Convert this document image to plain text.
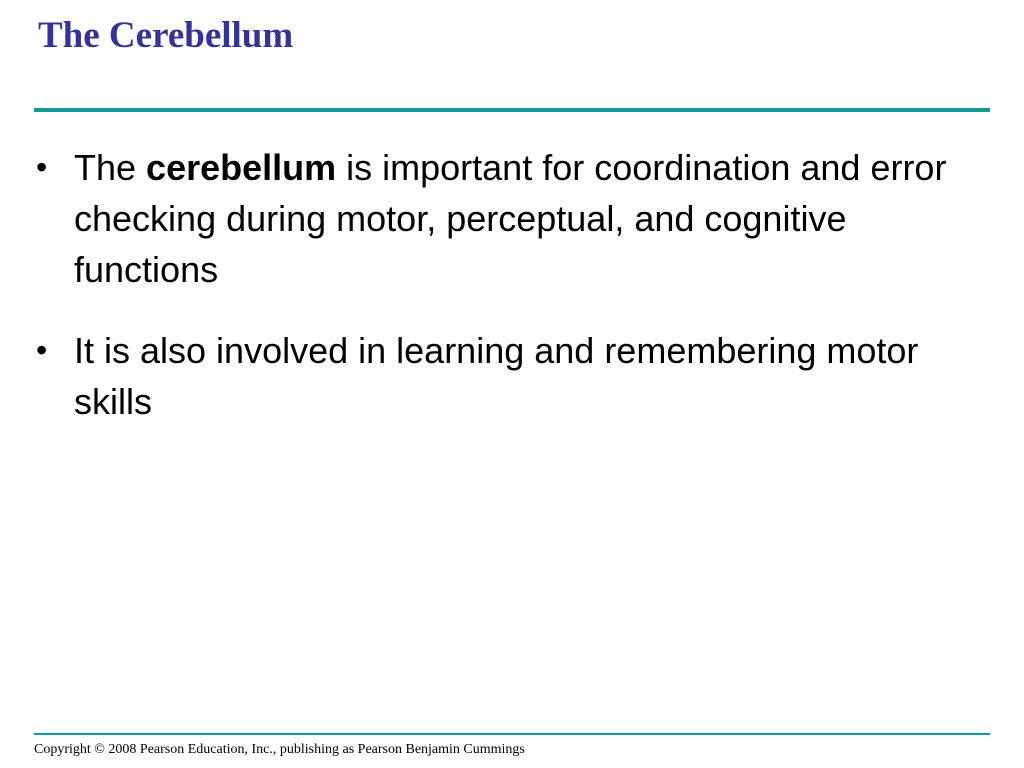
The Cerebellum
• The cerebellum is important for coordination and error checking during motor, perceptual, and cognitive functions
• It is also involved in learning and remembering motor skills
Copyright © 2008 Pearson Education, Inc., publishing as Pearson Benjamin Cummings
